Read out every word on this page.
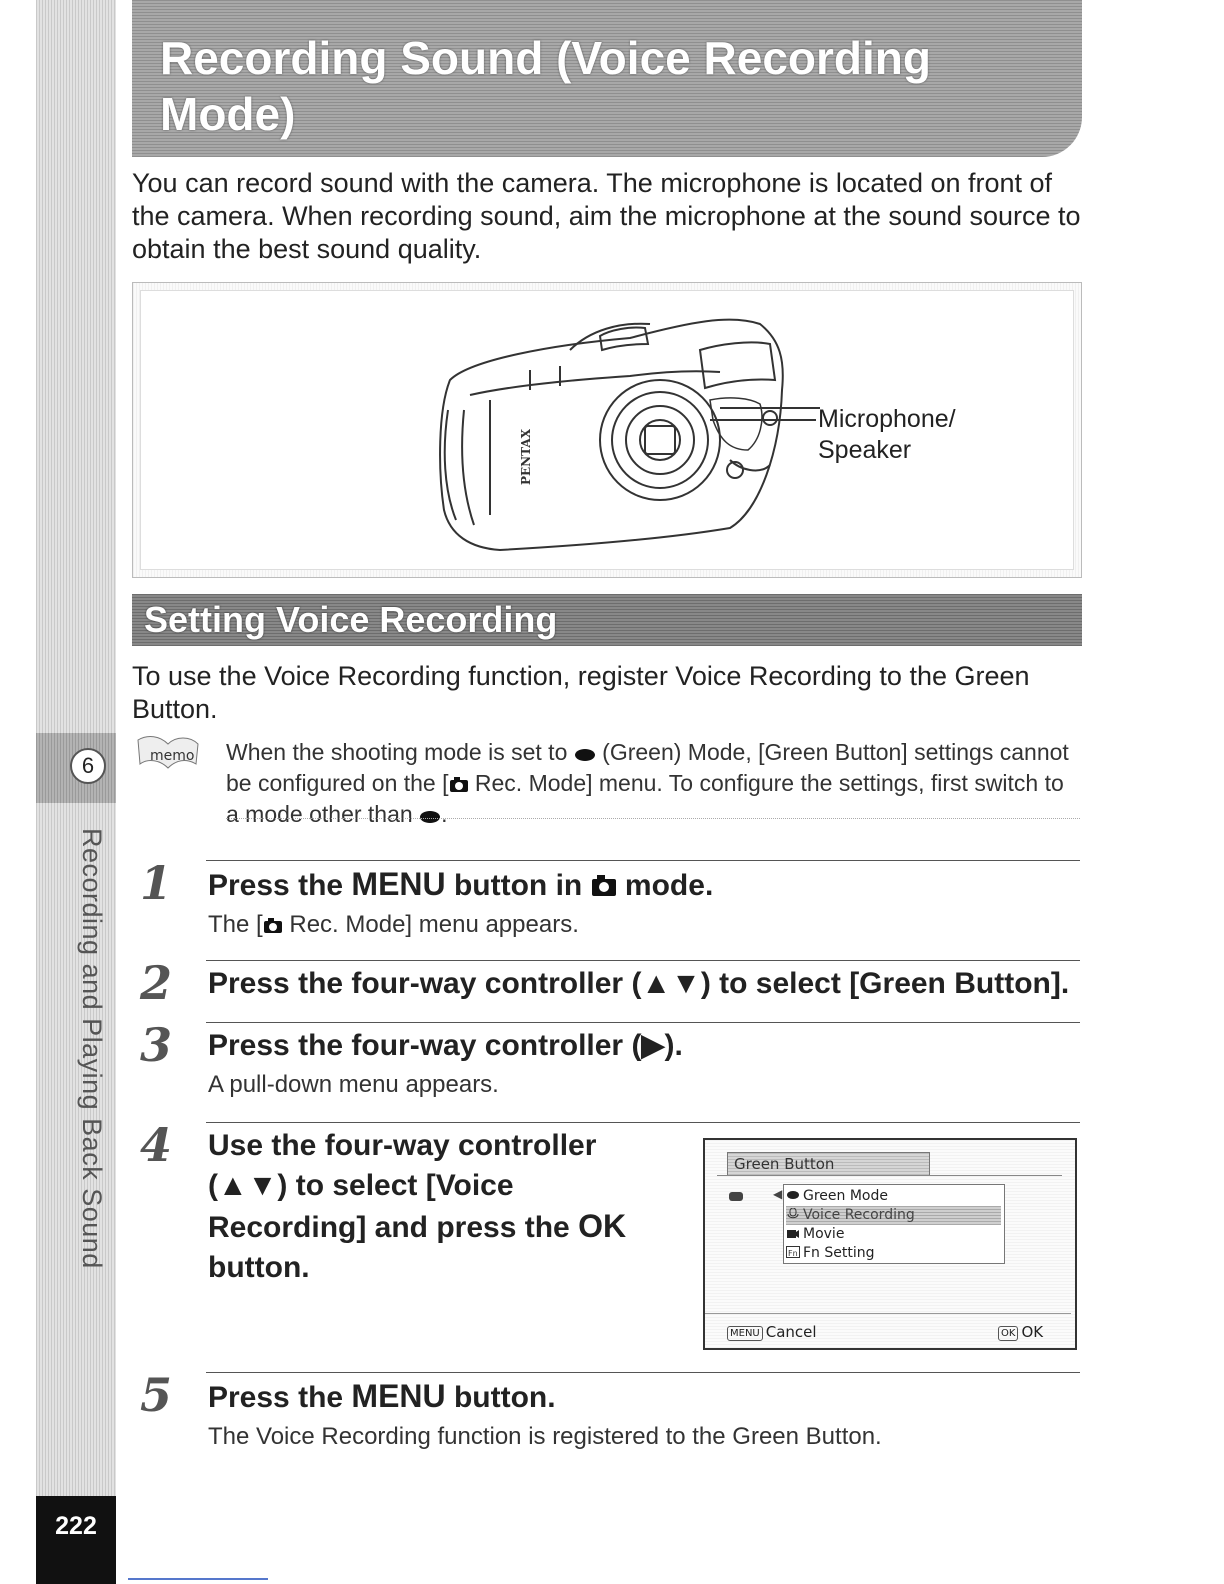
6
Recording and Playing Back Sound
222
Recording Sound (Voice Recording Mode)
You can record sound with the camera. The microphone is located on front of the camera. When recording sound, aim the microphone at the sound source to obtain the best sound quality.
PENTAX
Microphone/
Speaker
Setting Voice Recording
To use the Voice Recording function, register Voice Recording to the Green Button.
memo When the shooting mode is set to  (Green) Mode, [Green Button] settings cannot be configured on the [ Rec. Mode] menu. To configure the settings, first switch to a mode other than .
1 Press the MENU button in  mode.
The [ Rec. Mode] menu appears.
2 Press the four-way controller (▲▼) to select [Green Button].
3 Press the four-way controller (▶).
A pull-down menu appears.
4 Use the four-way controller (▲▼) to select [Voice Recording] and press the OK button.
Green Button
◀	Green Mode
Voice Recording
Movie
Fn Fn Setting
MENU Cancel	OK OK
5 Press the MENU button.
The Voice Recording function is registered to the Green Button.
